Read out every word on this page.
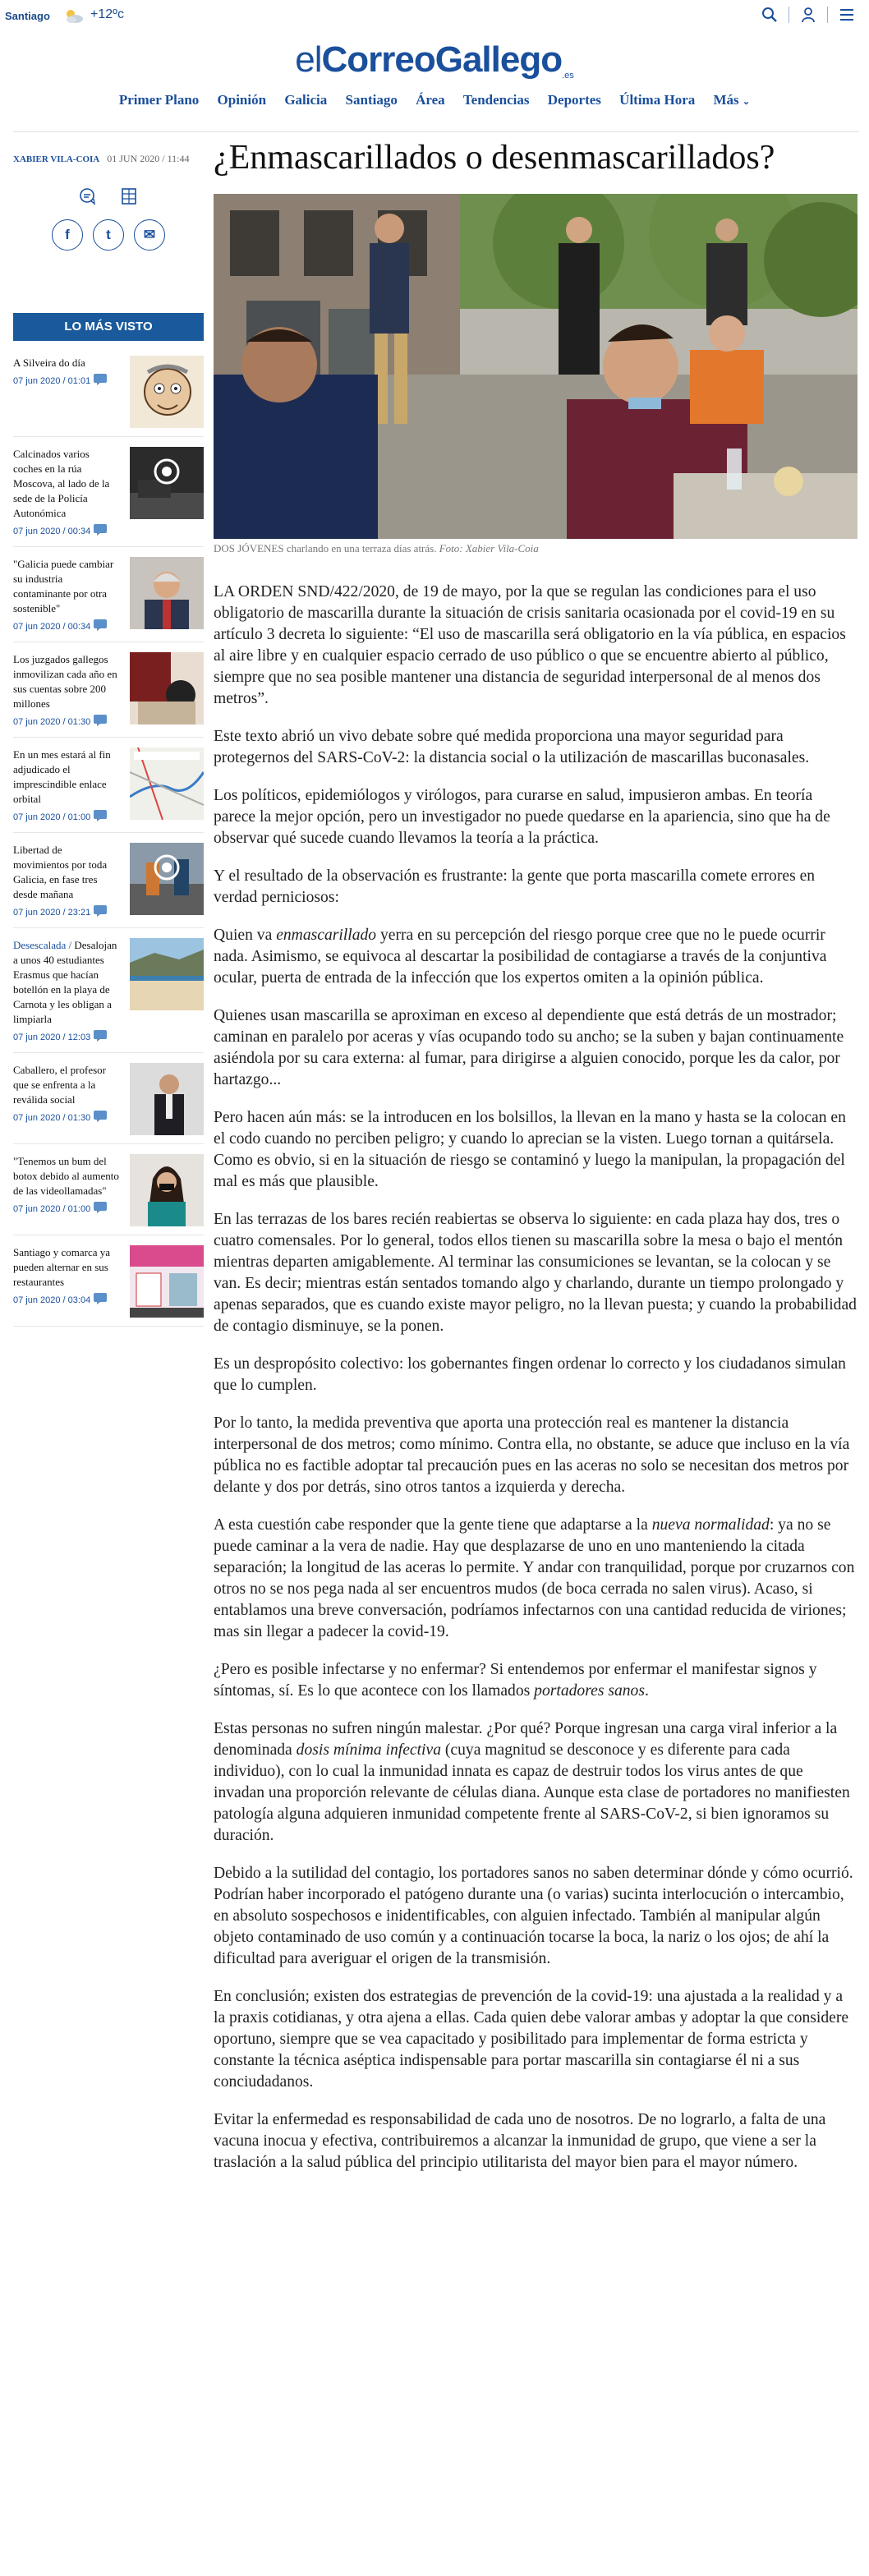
Santiago	+12ºc
elCorreoGallego.es
Primer Plano Opinión Galicia Santiago Área Tendencias Deportes Última Hora Más ⌄
XABIER VILA-COIA 01 JUN 2020 / 11:44
f	t	✉
LO MÁS VISTO
A Silveira do día
07 jun 2020 / 01:01
Calcinados varios coches en la rúa Moscova, al lado de la sede de la Policía Autonómica
07 jun 2020 / 00:34
"Galicia puede cambiar su industria contaminante por otra sostenible"
07 jun 2020 / 00:34
Los juzgados gallegos inmovilizan cada año en sus cuentas sobre 200 millones
07 jun 2020 / 01:30
En un mes estará al fin adjudicado el imprescindible enlace orbital
07 jun 2020 / 01:00
Libertad de movimientos por toda Galicia, en fase tres desde mañana
07 jun 2020 / 23:21
Desescalada / Desalojan a unos 40 estudiantes Erasmus que hacían botellón en la playa de Carnota y les obligan a limpiarla
07 jun 2020 / 12:03
Caballero, el profesor que se enfrenta a la reválida social
07 jun 2020 / 01:30
"Tenemos un bum del botox debido al aumento de las videollamadas"
07 jun 2020 / 01:00
Santiago y comarca ya pueden alternar en sus restaurantes
07 jun 2020 / 03:04
¿Enmascarillados o desenmascarillados?
DOS JÓVENES charlando en una terraza días atrás. Foto: Xabier Vila-Coia

LA ORDEN SND/422/2020, de 19 de mayo, por la que se regulan las condiciones para el uso obligatorio de mascarilla durante la situación de crisis sanitaria ocasionada por el covid-19 en su artículo 3 decreta lo siguiente: “El uso de mascarilla será obligatorio en la vía pública, en espacios al aire libre y en cualquier espacio cerrado de uso público o que se encuentre abierto al público, siempre que no sea posible mantener una distancia de seguridad interpersonal de al menos dos metros”.

Este texto abrió un vivo debate sobre qué medida proporciona una mayor seguridad para protegernos del SARS-CoV-2: la distancia social o la utilización de mascarillas buconasales.

Los políticos, epidemiólogos y virólogos, para curarse en salud, impusieron ambas. En teoría parece la mejor opción, pero un investigador no puede quedarse en la apariencia, sino que ha de observar qué sucede cuando llevamos la teoría a la práctica.

Y el resultado de la observación es frustrante: la gente que porta mascarilla comete errores en verdad perniciosos:

Quien va enmascarillado yerra en su percepción del riesgo porque cree que no le puede ocurrir nada. Asimismo, se equivoca al descartar la posibilidad de contagiarse a través de la conjuntiva ocular, puerta de entrada de la infección que los expertos omiten a la opinión pública.

Quienes usan mascarilla se aproximan en exceso al dependiente que está detrás de un mostrador; caminan en paralelo por aceras y vías ocupando todo su ancho; se la suben y bajan continuamente asiéndola por su cara externa: al fumar, para dirigirse a alguien conocido, porque les da calor, por hartazgo...

Pero hacen aún más: se la introducen en los bolsillos, la llevan en la mano y hasta se la colocan en el codo cuando no perciben peligro; y cuando lo aprecian se la visten. Luego tornan a quitársela. Como es obvio, si en la situación de riesgo se contaminó y luego la manipulan, la propagación del mal es más que plausible.

En las terrazas de los bares recién reabiertas se observa lo siguiente: en cada plaza hay dos, tres o cuatro comensales. Por lo general, todos ellos tienen su mascarilla sobre la mesa o bajo el mentón mientras departen amigablemente. Al terminar las consumiciones se levantan, se la colocan y se van. Es decir; mientras están sentados tomando algo y charlando, durante un tiempo prolongado y apenas separados, que es cuando existe mayor peligro, no la llevan puesta; y cuando la probabilidad de contagio disminuye, se la ponen.

Es un despropósito colectivo: los gobernantes fingen ordenar lo correcto y los ciudadanos simulan que lo cumplen.

Por lo tanto, la medida preventiva que aporta una protección real es mantener la distancia interpersonal de dos metros; como mínimo. Contra ella, no obstante, se aduce que incluso en la vía pública no es factible adoptar tal precaución pues en las aceras no solo se necesitan dos metros por delante y dos por detrás, sino otros tantos a izquierda y derecha.

A esta cuestión cabe responder que la gente tiene que adaptarse a la nueva normalidad: ya no se puede caminar a la vera de nadie. Hay que desplazarse de uno en uno manteniendo la citada separación; la longitud de las aceras lo permite. Y andar con tranquilidad, porque por cruzarnos con otros no se nos pega nada al ser encuentros mudos (de boca cerrada no salen virus). Acaso, si entablamos una breve conversación, podríamos infectarnos con una cantidad reducida de viriones; mas sin llegar a padecer la covid-19.

¿Pero es posible infectarse y no enfermar? Si entendemos por enfermar el manifestar signos y síntomas, sí. Es lo que acontece con los llamados portadores sanos.

Estas personas no sufren ningún malestar. ¿Por qué? Porque ingresan una carga viral inferior a la denominada dosis mínima infectiva (cuya magnitud se desconoce y es diferente para cada individuo), con lo cual la inmunidad innata es capaz de destruir todos los virus antes de que invadan una proporción relevante de células diana. Aunque esta clase de portadores no manifiesten patología alguna adquieren inmunidad competente frente al SARS-CoV-2, si bien ignoramos su duración.

Debido a la sutilidad del contagio, los portadores sanos no saben determinar dónde y cómo ocurrió. Podrían haber incorporado el patógeno durante una (o varias) sucinta interlocución o intercambio, en absoluto sospechosos e inidentificables, con alguien infectado. También al manipular algún objeto contaminado de uso común y a continuación tocarse la boca, la nariz o los ojos; de ahí la dificultad para averiguar el origen de la transmisión.

En conclusión; existen dos estrategias de prevención de la covid-19: una ajustada a la realidad y a la praxis cotidianas, y otra ajena a ellas. Cada quien debe valorar ambas y adoptar la que considere oportuno, siempre que se vea capacitado y posibilitado para implementar de forma estricta y constante la técnica aséptica indispensable para portar mascarilla sin contagiarse él ni a sus conciudadanos.

Evitar la enfermedad es responsabilidad de cada uno de nosotros. De no lograrlo, a falta de una vacuna inocua y efectiva, contribuiremos a alcanzar la inmunidad de grupo, que viene a ser la traslación a la salud pública del principio utilitarista del mayor bien para el mayor número.
